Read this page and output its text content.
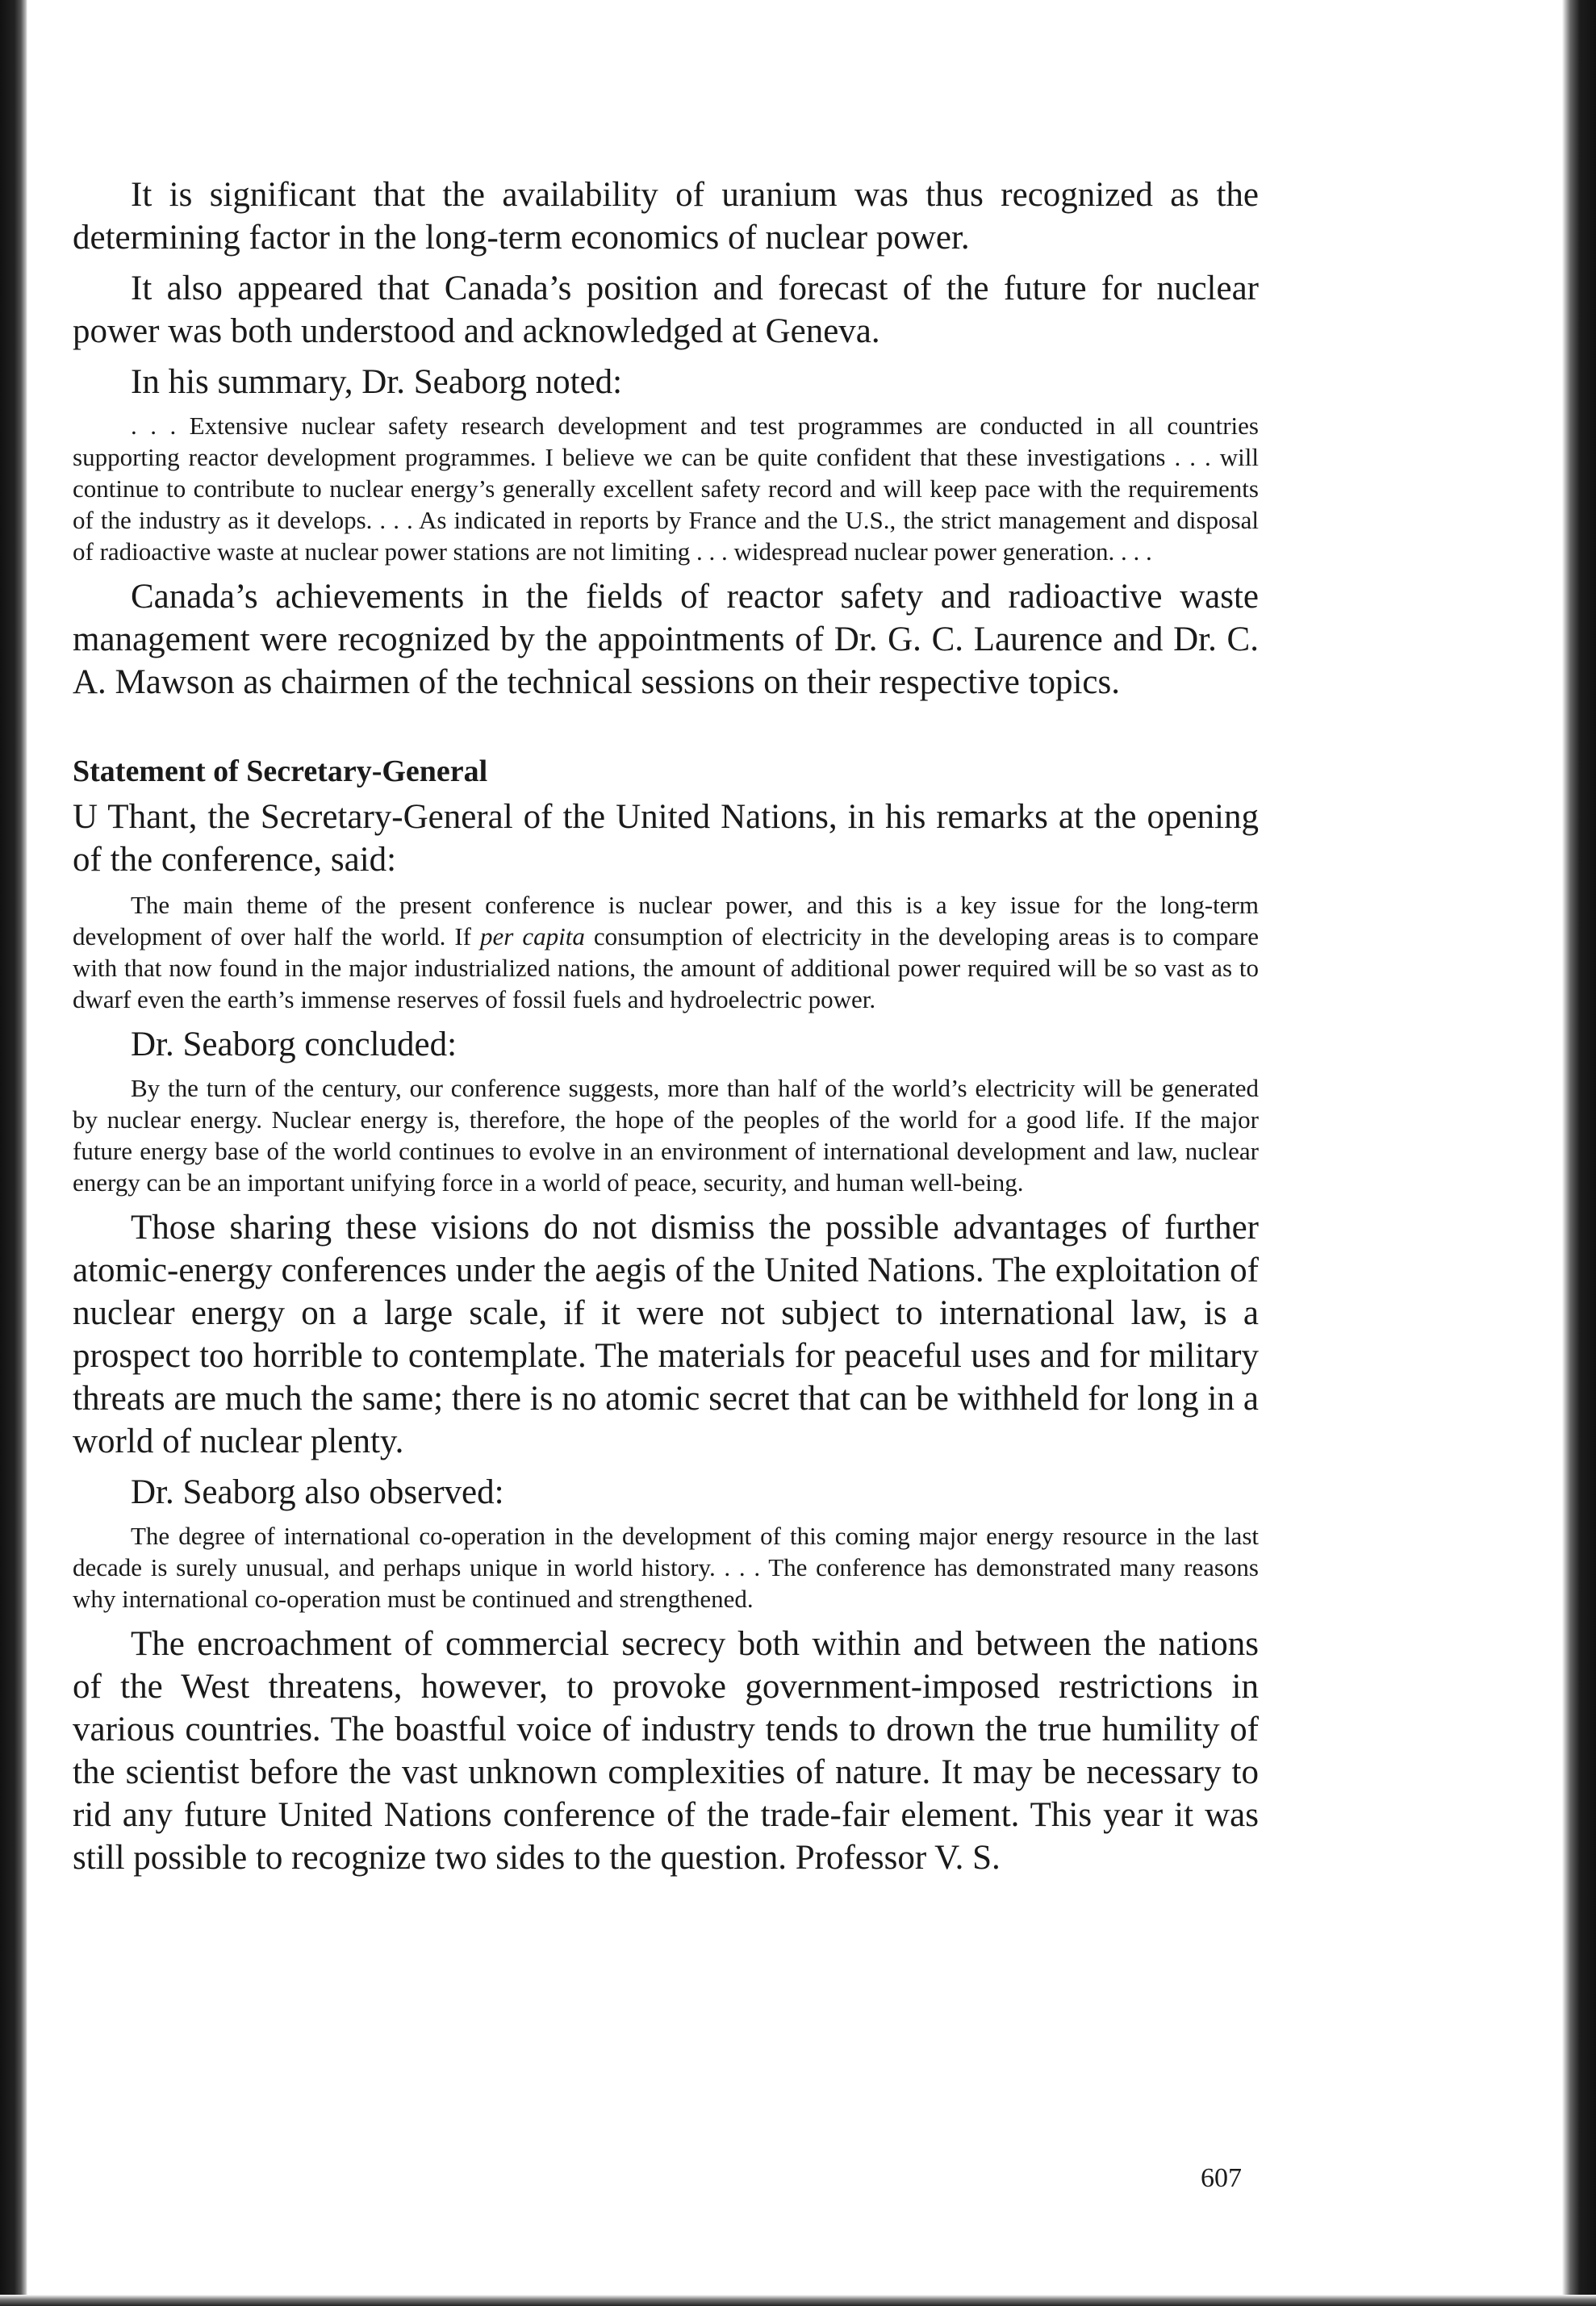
It is significant that the availability of uranium was thus recognized as the determining factor in the long-term economics of nuclear power.

It also appeared that Canada’s position and forecast of the future for nuclear power was both understood and acknowledged at Geneva.

In his summary, Dr. Seaborg noted:

. . . Extensive nuclear safety research development and test programmes are conducted in all countries supporting reactor development programmes. I believe we can be quite confident that these investigations . . . will continue to contribute to nuclear energy’s generally excellent safety record and will keep pace with the requirements of the industry as it develops. . . . As indicated in reports by France and the U.S., the strict management and disposal of radioactive waste at nuclear power stations are not limiting . . . widespread nuclear power generation. . . .

Canada’s achievements in the fields of reactor safety and radioactive waste management were recognized by the appointments of Dr. G. C. Laurence and Dr. C. A. Mawson as chairmen of the technical sessions on their respective topics.

Statement of Secretary-General

U Thant, the Secretary-General of the United Nations, in his remarks at the opening of the conference, said:

The main theme of the present conference is nuclear power, and this is a key issue for the long-term development of over half the world. If per capita consumption of electricity in the developing areas is to compare with that now found in the major industrialized nations, the amount of additional power required will be so vast as to dwarf even the earth’s immense reserves of fossil fuels and hydroelectric power.

Dr. Seaborg concluded:

By the turn of the century, our conference suggests, more than half of the world’s electricity will be generated by nuclear energy. Nuclear energy is, therefore, the hope of the peoples of the world for a good life. If the major future energy base of the world continues to evolve in an environment of international development and law, nuclear energy can be an important unifying force in a world of peace, security, and human well-being.

Those sharing these visions do not dismiss the possible advantages of further atomic-energy conferences under the aegis of the United Nations. The exploitation of nuclear energy on a large scale, if it were not subject to international law, is a prospect too horrible to contemplate. The materials for peaceful uses and for military threats are much the same; there is no atomic secret that can be withheld for long in a world of nuclear plenty.

Dr. Seaborg also observed:

The degree of international co-operation in the development of this coming major energy resource in the last decade is surely unusual, and perhaps unique in world history. . . . The conference has demonstrated many reasons why international co-operation must be continued and strengthened.

The encroachment of commercial secrecy both within and between the nations of the West threatens, however, to provoke government-imposed restrictions in various countries. The boastful voice of industry tends to drown the true humility of the scientist before the vast unknown complexities of nature. It may be necessary to rid any future United Nations conference of the trade-fair element. This year it was still possible to recognize two sides to the question. Professor V. S.

607
